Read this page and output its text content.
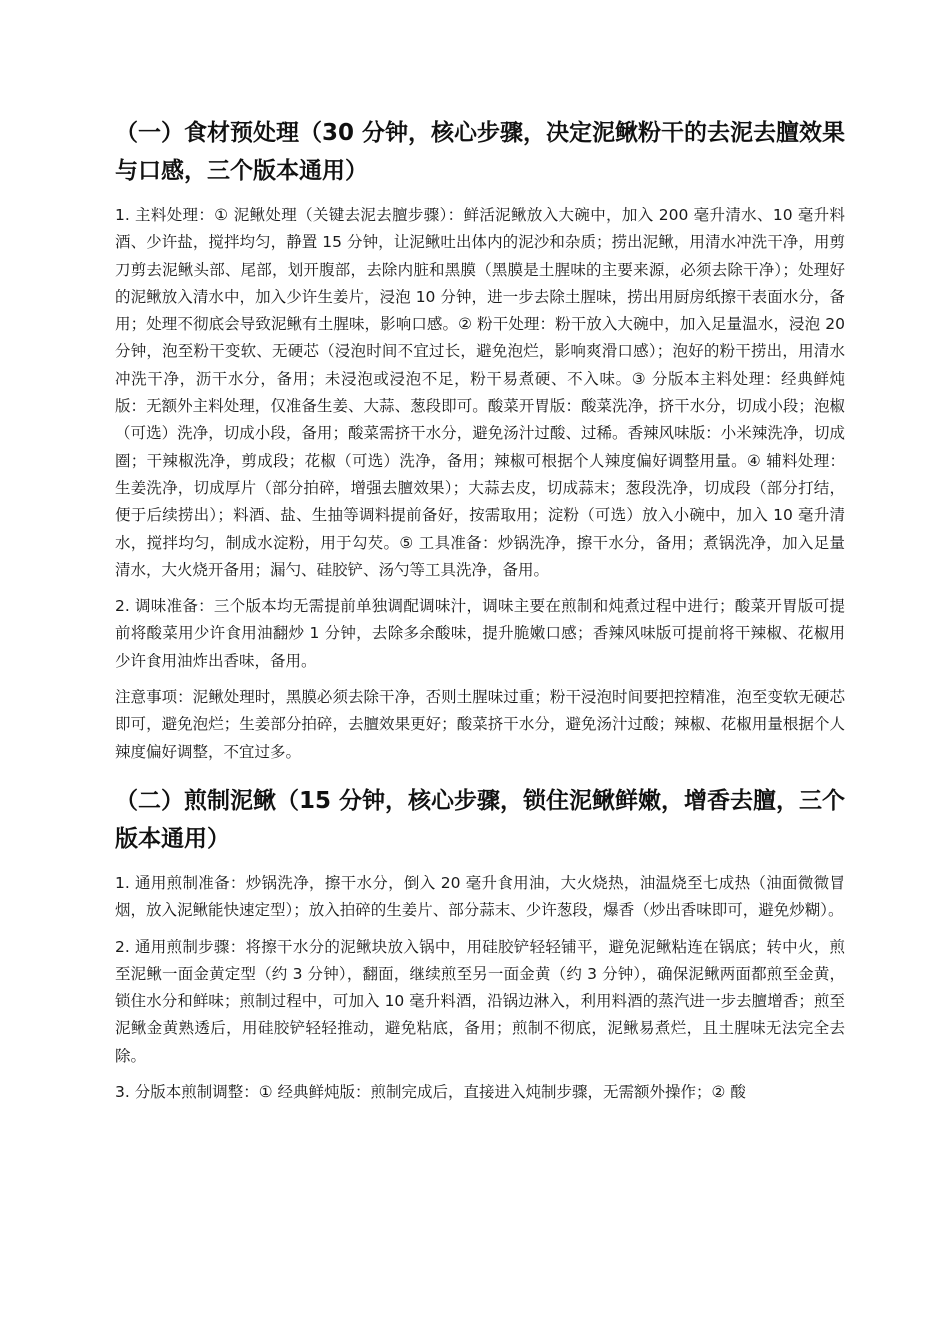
（一）食材预处理（30 分钟，核心步骤，决定泥鳅粉干的去泥去膻效果与口感，三个版本通用）

1. 主料处理：① 泥鳅处理（关键去泥去膻步骤）：鲜活泥鳅放入大碗中，加入 200 毫升清水、10 毫升料酒、少许盐，搅拌均匀，静置 15 分钟，让泥鳅吐出体内的泥沙和杂质；捞出泥鳅，用清水冲洗干净，用剪刀剪去泥鳅头部、尾部，划开腹部，去除内脏和黑膜（黑膜是土腥味的主要来源，必须去除干净）；处理好的泥鳅放入清水中，加入少许生姜片，浸泡 10 分钟，进一步去除土腥味，捞出用厨房纸擦干表面水分，备用；处理不彻底会导致泥鳅有土腥味，影响口感。② 粉干处理：粉干放入大碗中，加入足量温水，浸泡 20 分钟，泡至粉干变软、无硬芯（浸泡时间不宜过长，避免泡烂，影响爽滑口感）；泡好的粉干捞出，用清水冲洗干净，沥干水分，备用；未浸泡或浸泡不足，粉干易煮硬、不入味。③ 分版本主料处理：经典鲜炖版：无额外主料处理，仅准备生姜、大蒜、葱段即可。酸菜开胃版：酸菜洗净，挤干水分，切成小段；泡椒（可选）洗净，切成小段，备用；酸菜需挤干水分，避免汤汁过酸、过稀。香辣风味版：小米辣洗净，切成圈；干辣椒洗净，剪成段；花椒（可选）洗净，备用；辣椒可根据个人辣度偏好调整用量。④ 辅料处理：生姜洗净，切成厚片（部分拍碎，增强去膻效果）；大蒜去皮，切成蒜末；葱段洗净，切成段（部分打结，便于后续捞出）；料酒、盐、生抽等调料提前备好，按需取用；淀粉（可选）放入小碗中，加入 10 毫升清水，搅拌均匀，制成水淀粉，用于勾芡。⑤ 工具准备：炒锅洗净，擦干水分，备用；煮锅洗净，加入足量清水，大火烧开备用；漏勺、硅胶铲、汤勺等工具洗净，备用。

2. 调味准备：三个版本均无需提前单独调配调味汁，调味主要在煎制和炖煮过程中进行；酸菜开胃版可提前将酸菜用少许食用油翻炒 1 分钟，去除多余酸味，提升脆嫩口感；香辣风味版可提前将干辣椒、花椒用少许食用油炸出香味，备用。

注意事项：泥鳅处理时，黑膜必须去除干净，否则土腥味过重；粉干浸泡时间要把控精准，泡至变软无硬芯即可，避免泡烂；生姜部分拍碎，去膻效果更好；酸菜挤干水分，避免汤汁过酸；辣椒、花椒用量根据个人辣度偏好调整，不宜过多。

（二）煎制泥鳅（15 分钟，核心步骤，锁住泥鳅鲜嫩，增香去膻，三个版本通用）

1. 通用煎制准备：炒锅洗净，擦干水分，倒入 20 毫升食用油，大火烧热，油温烧至七成热（油面微微冒烟，放入泥鳅能快速定型）；放入拍碎的生姜片、部分蒜末、少许葱段，爆香（炒出香味即可，避免炒糊）。

2. 通用煎制步骤：将擦干水分的泥鳅块放入锅中，用硅胶铲轻轻铺平，避免泥鳅粘连在锅底；转中火，煎至泥鳅一面金黄定型（约 3 分钟），翻面，继续煎至另一面金黄（约 3 分钟），确保泥鳅两面都煎至金黄，锁住水分和鲜味；煎制过程中，可加入 10 毫升料酒，沿锅边淋入，利用料酒的蒸汽进一步去膻增香；煎至泥鳅金黄熟透后，用硅胶铲轻轻推动，避免粘底，备用；煎制不彻底，泥鳅易煮烂，且土腥味无法完全去除。

3. 分版本煎制调整：① 经典鲜炖版：煎制完成后，直接进入炖制步骤，无需额外操作；② 酸
